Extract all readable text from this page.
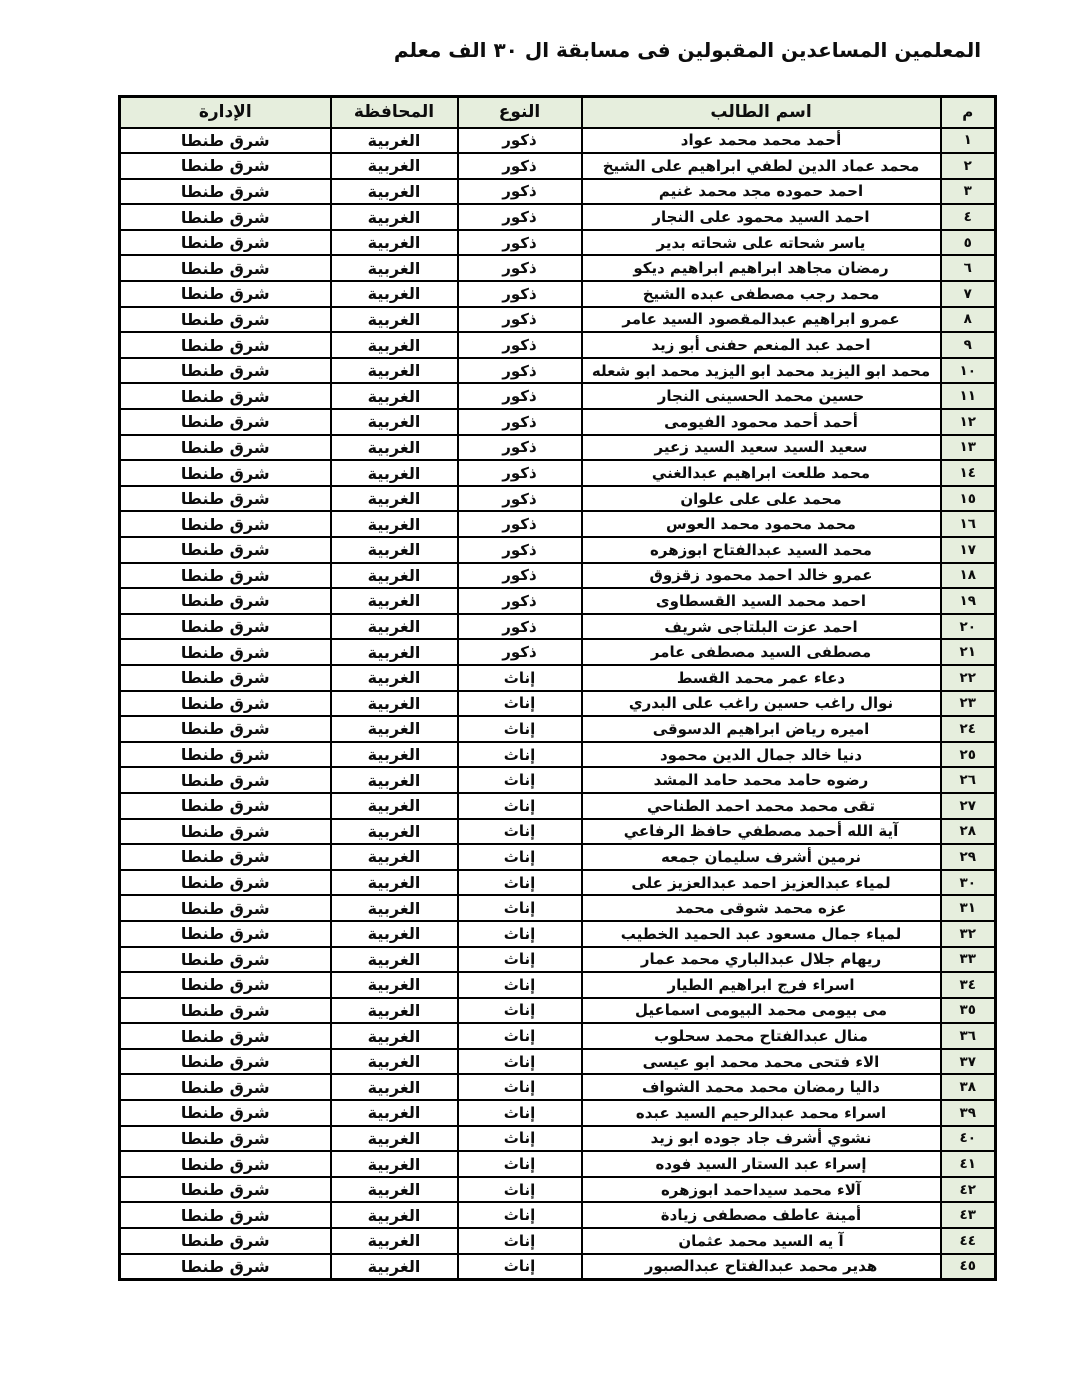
المعلمين المساعدين المقبولين فى مسابقة ال ٣٠ الف معلم
م	اسم الطالب	النوع	المحافظة	الإدارة
١	أحمد محمد محمد عواد	ذكور	الغربية	شرق طنطا
٢	محمد عماد الدين لطفي ابراهيم على الشيخ	ذكور	الغربية	شرق طنطا
٣	احمد حموده مجد محمد غنيم	ذكور	الغربية	شرق طنطا
٤	احمد السيد محمود على النجار	ذكور	الغربية	شرق طنطا
٥	ياسر شحاته على شحاته بدير	ذكور	الغربية	شرق طنطا
٦	رمضان مجاهد ابراهيم ابراهيم ديكو	ذكور	الغربية	شرق طنطا
٧	محمد رجب مصطفى عبده الشيخ	ذكور	الغربية	شرق طنطا
٨	عمرو ابراهيم عبدالمقصود السيد عامر	ذكور	الغربية	شرق طنطا
٩	احمد عبد المنعم حفنى أبو زيد	ذكور	الغربية	شرق طنطا
١٠	محمد ابو اليزيد محمد ابو اليزيد محمد ابو شعله	ذكور	الغربية	شرق طنطا
١١	حسين محمد الحسينى النجار	ذكور	الغربية	شرق طنطا
١٢	أحمد أحمد محمود الفيومى	ذكور	الغربية	شرق طنطا
١٣	سعيد السيد سعيد السيد زعير	ذكور	الغربية	شرق طنطا
١٤	محمد طلعت ابراهيم عبدالغني	ذكور	الغربية	شرق طنطا
١٥	محمد على على علوان	ذكور	الغربية	شرق طنطا
١٦	محمد محمود محمد العوس	ذكور	الغربية	شرق طنطا
١٧	محمد السيد عبدالفتاح ابوزهره	ذكور	الغربية	شرق طنطا
١٨	عمرو خالد احمد محمود زقزوق	ذكور	الغربية	شرق طنطا
١٩	احمد محمد السيد القسطاوى	ذكور	الغربية	شرق طنطا
٢٠	احمد عزت البلتاجى شريف	ذكور	الغربية	شرق طنطا
٢١	مصطفى السيد مصطفى عامر	ذكور	الغربية	شرق طنطا
٢٢	دعاء عمر محمد القسط	إناث	الغربية	شرق طنطا
٢٣	نوال راغب حسين راغب على البدري	إناث	الغربية	شرق طنطا
٢٤	اميره رياض ابراهيم الدسوقى	إناث	الغربية	شرق طنطا
٢٥	دنيا خالد جمال الدين محمود	إناث	الغربية	شرق طنطا
٢٦	رضوه حامد محمد حامد المشد	إناث	الغربية	شرق طنطا
٢٧	تقى محمد محمد احمد الطناحي	إناث	الغربية	شرق طنطا
٢٨	آية الله أحمد مصطفي حافظ الرفاعي	إناث	الغربية	شرق طنطا
٢٩	نرمين أشرف سليمان جمعه	إناث	الغربية	شرق طنطا
٣٠	لمياء عبدالعزيز احمد عبدالعزيز على	إناث	الغربية	شرق طنطا
٣١	عزه محمد شوقى محمد	إناث	الغربية	شرق طنطا
٣٢	لمياء جمال مسعود عبد الحميد الخطيب	إناث	الغربية	شرق طنطا
٣٣	ريهام جلال عبدالباري محمد عمار	إناث	الغربية	شرق طنطا
٣٤	اسراء فرج ابراهيم الطيار	إناث	الغربية	شرق طنطا
٣٥	مى بيومى محمد البيومى اسماعيل	إناث	الغربية	شرق طنطا
٣٦	منال عبدالفتاح محمد سحلوب	إناث	الغربية	شرق طنطا
٣٧	الاء فتحى محمد محمد ابو عيسى	إناث	الغربية	شرق طنطا
٣٨	داليا رمضان محمد محمد الشواف	إناث	الغربية	شرق طنطا
٣٩	اسراء محمد عبدالرحيم السيد عبده	إناث	الغربية	شرق طنطا
٤٠	نشوي أشرف جاد جوده ابو زيد	إناث	الغربية	شرق طنطا
٤١	إسراء عبد الستار السيد فوده	إناث	الغربية	شرق طنطا
٤٢	آلاء محمد سيداحمد ابوزهره	إناث	الغربية	شرق طنطا
٤٣	أمينة عاطف مصطفى زيادة	إناث	الغربية	شرق طنطا
٤٤	آ يه السيد محمد عثمان	إناث	الغربية	شرق طنطا
٤٥	هدير محمد عبدالفتاح عبدالصبور	إناث	الغربية	شرق طنطا
